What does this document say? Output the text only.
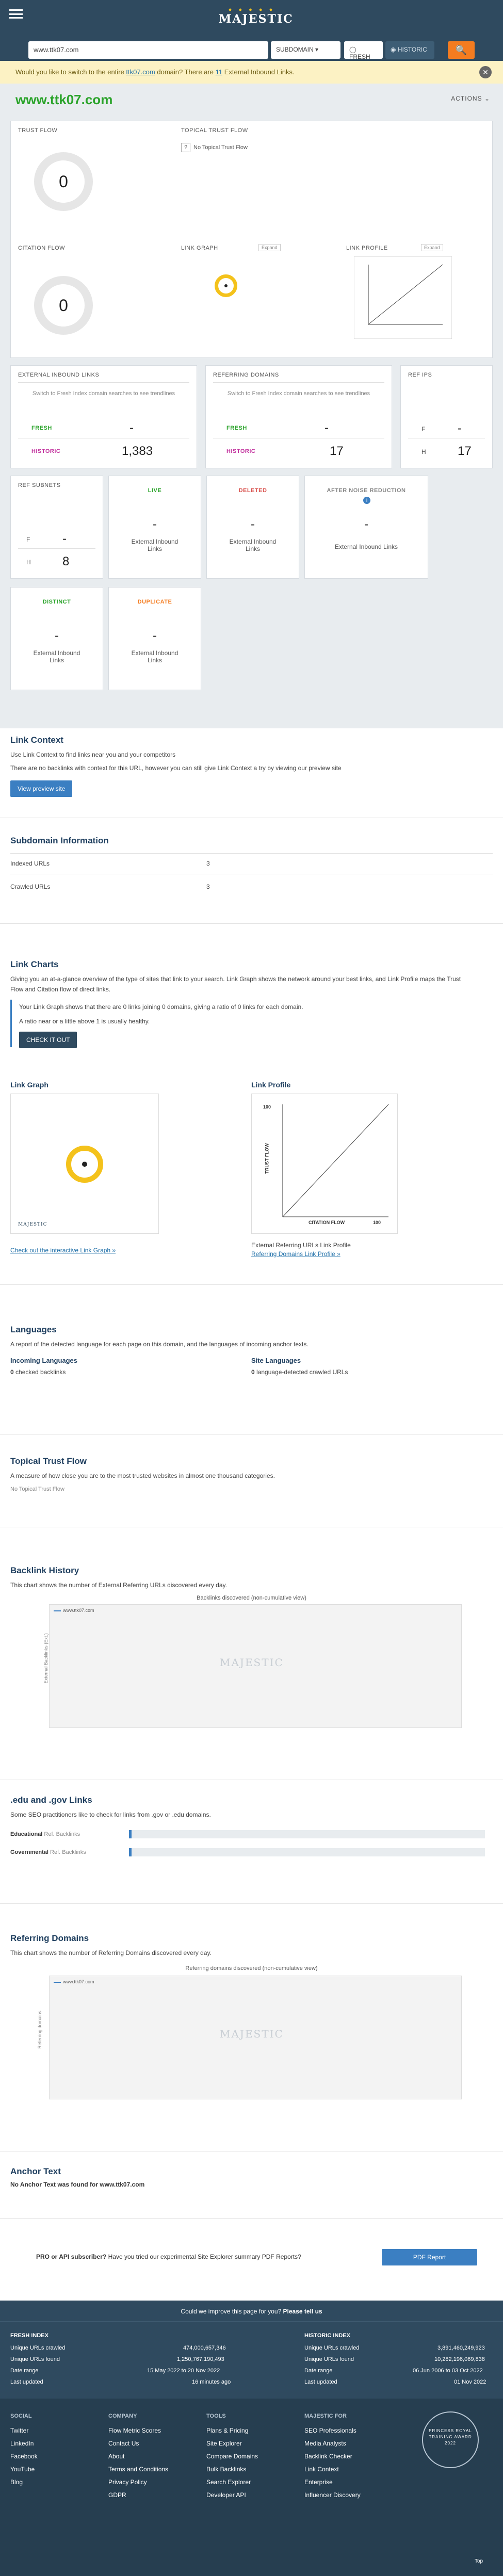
● ● ● ● ●
MAJESTIC
www.ttk07.com	SUBDOMAIN ▾	◯ FRESH
◉ HISTORIC	🔍
Would you like to switch to the entire ttk07.com domain? There are 11 External Inbound Links.	✕
www.ttk07.com	ACTIONS ⌄
TRUST FLOW
0
TOPICAL TRUST FLOW
? No Topical Trust Flow
CITATION FLOW
0
LINK GRAPH	Expand	LINK PROFILE	Expand
EXTERNAL INBOUND LINKS
Switch to Fresh Index domain searches to see trendlines
FRESH	-
HISTORIC	1,383
REFERRING DOMAINS
Switch to Fresh Index domain searches to see trendlines
FRESH	-
HISTORIC	17
REF IPS
F	-
H	17
REF SUBNETS
F	-
H	8
LIVE
-
External Inbound Links
DELETED
-
External Inbound Links
AFTER NOISE REDUCTION
i
-
External Inbound Links
DISTINCT
-
External Inbound Links
DUPLICATE
-
External Inbound Links
Link Context
Use Link Context to find links near you and your competitors
There are no backlinks with context for this URL, however you can still give Link Context a try by viewing our preview site
View preview site
Subdomain Information
Indexed URLs	3
Crawled URLs	3
Link Charts
Giving you an at-a-glance overview of the type of sites that link to your search. Link Graph shows the network around your best links, and Link Profile maps the Trust Flow and Citation flow of direct links.
Your Link Graph shows that there are 0 links joining 0 domains, giving a ratio of 0 links for each domain.
A ratio near or a little above 1 is usually healthy.
CHECK IT OUT
Link Graph
MAJESTIC
Check out the interactive Link Graph »
Link Profile
100
TRUST FLOW
CITATION FLOW	100
External Referring URLs Link Profile
Referring Domains Link Profile »
Languages
A report of the detected language for each page on this domain, and the languages of incoming anchor texts.
Incoming Languages
0 checked backlinks
Site Languages
0 language-detected crawled URLs
Topical Trust Flow
A measure of how close you are to the most trusted websites in almost one thousand categories.
No Topical Trust Flow
Backlink History
This chart shows the number of External Referring URLs discovered every day.
Backlinks discovered (non-cumulative view)
www.ttk07.com
MAJESTIC
External Backlinks (Ext.)
.edu and .gov Links
Some SEO practitioners like to check for links from .gov or .edu domains.
Educational Ref. Backlinks
Governmental Ref. Backlinks
Referring Domains
This chart shows the number of Referring Domains discovered every day.
Referring domains discovered (non-cumulative view)
www.ttk07.com
MAJESTIC
Referring domains
Anchor Text
No Anchor Text was found for www.ttk07.com
PRO or API subscriber? Have you tried our experimental Site Explorer summary PDF Reports?	PDF Report
Could we improve this page for you? Please tell us
FRESH INDEX
Unique URLs crawled	474,000,657,346
Unique URLs found	1,250,767,190,493
Date range	15 May 2022 to 20 Nov 2022
Last updated	16 minutes ago
HISTORIC INDEX
Unique URLs crawled	3,891,460,249,923
Unique URLs found	10,282,196,069,838
Date range	06 Jun 2006 to 03 Oct 2022
Last updated	01 Nov 2022
SOCIAL
Twitter
LinkedIn
Facebook
YouTube
Blog
COMPANY
Flow Metric Scores
Contact Us
About
Terms and Conditions
Privacy Policy
GDPR
TOOLS
Plans & Pricing
Site Explorer
Compare Domains
Bulk Backlinks
Search Explorer
Developer API
MAJESTIC FOR
SEO Professionals
Media Analysts
Backlink Checker
Link Context
Enterprise
Influencer Discovery
PRINCESS ROYAL TRAINING AWARD 2022
Top
